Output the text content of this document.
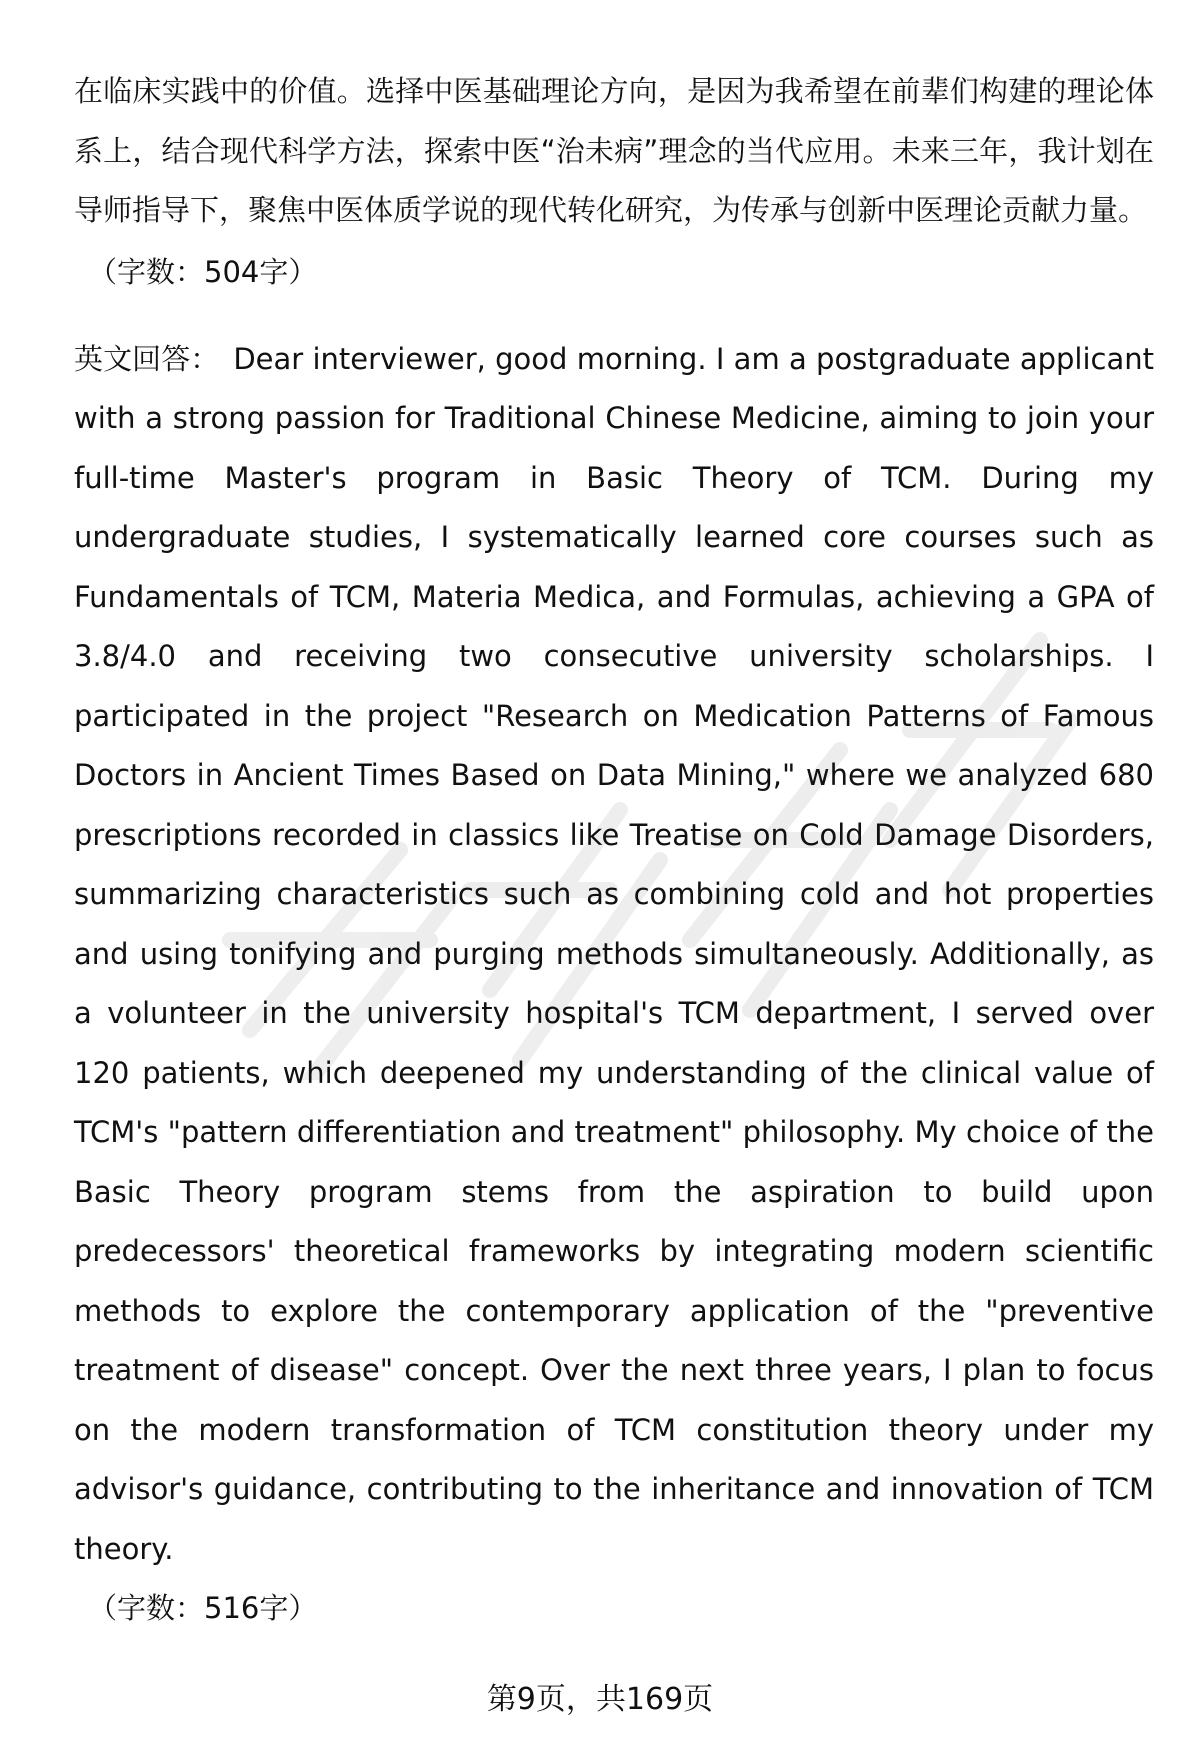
在临床实践中的价值。选择中医基础理论方向，是因为我希望在前辈们构建的理论体系上，结合现代科学方法，探索中医“治未病”理念的当代应用。未来三年，我计划在导师指导下，聚焦中医体质学说的现代转化研究，为传承与创新中医理论贡献力量。

（字数：504字）

英文回答： Dear interviewer, good morning. I am a postgraduate applicant with a strong passion for Traditional Chinese Medicine, aiming to join your full-time Master's program in Basic Theory of TCM. During my undergraduate studies, I systematically learned core courses such as Fundamentals of TCM, Materia Medica, and Formulas, achieving a GPA of 3.8/4.0 and receiving two consecutive university scholarships. I participated in the project "Research on Medication Patterns of Famous Doctors in Ancient Times Based on Data Mining," where we analyzed 680 prescriptions recorded in classics like Treatise on Cold Damage Disorders, summarizing characteristics such as combining cold and hot properties and using tonifying and purging methods simultaneously. Additionally, as a volunteer in the university hospital's TCM department, I served over 120 patients, which deepened my understanding of the clinical value of TCM's "pattern differentiation and treatment" philosophy. My choice of the Basic Theory program stems from the aspiration to build upon predecessors' theoretical frameworks by integrating modern scientific methods to explore the contemporary application of the "preventive treatment of disease" concept. Over the next three years, I plan to focus on the modern transformation of TCM constitution theory under my advisor's guidance, contributing to the inheritance and innovation of TCM theory.

（字数：516字）

第9页，共169页
